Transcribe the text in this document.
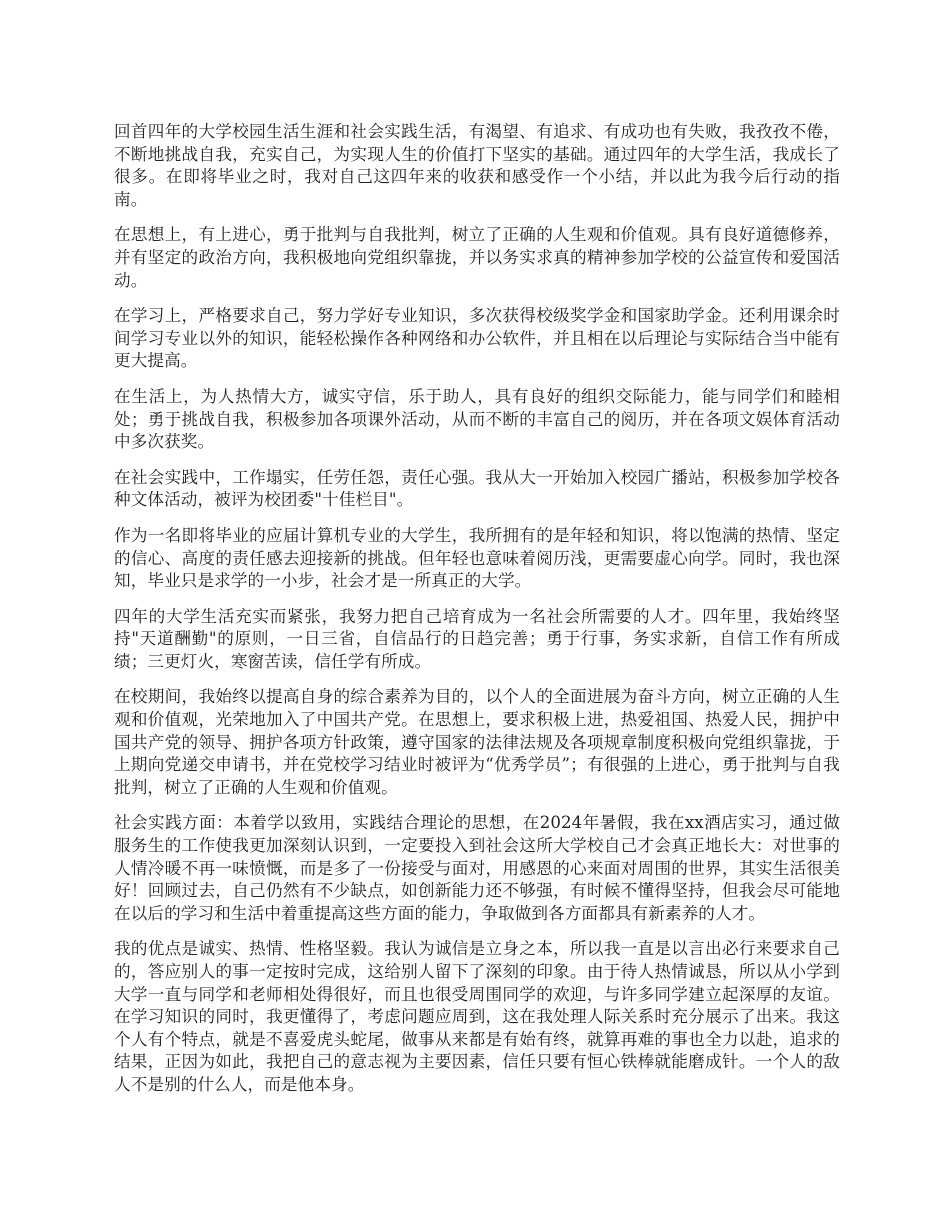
回首四年的大学校园生活生涯和社会实践生活，有渴望、有追求、有成功也有失败，我孜孜不倦，不断地挑战自我，充实自己，为实现人生的价值打下坚实的基础。通过四年的大学生活，我成长了很多。在即将毕业之时，我对自己这四年来的收获和感受作一个小结，并以此为我今后行动的指南。

在思想上，有上进心，勇于批判与自我批判，树立了正确的人生观和价值观。具有良好道德修养，并有坚定的政治方向，我积极地向党组织靠拢，并以务实求真的精神参加学校的公益宣传和爱国活动。

在学习上，严格要求自己，努力学好专业知识，多次获得校级奖学金和国家助学金。还利用课余时间学习专业以外的知识，能轻松操作各种网络和办公软件，并且相在以后理论与实际结合当中能有更大提高。

在生活上，为人热情大方，诚实守信，乐于助人，具有良好的组织交际能力，能与同学们和睦相处；勇于挑战自我，积极参加各项课外活动，从而不断的丰富自己的阅历，并在各项文娱体育活动中多次获奖。

在社会实践中，工作塌实，任劳任怨，责任心强。我从大一开始加入校园广播站，积极参加学校各种文体活动，被评为校团委"十佳栏目"。

作为一名即将毕业的应届计算机专业的大学生，我所拥有的是年轻和知识，将以饱满的热情、坚定的信心、高度的责任感去迎接新的挑战。但年轻也意味着阅历浅，更需要虚心向学。同时，我也深知，毕业只是求学的一小步，社会才是一所真正的大学。

四年的大学生活充实而紧张，我努力把自己培育成为一名社会所需要的人才。四年里，我始终坚持"天道酬勤"的原则，一日三省，自信品行的日趋完善；勇于行事，务实求新，自信工作有所成绩；三更灯火，寒窗苦读，信任学有所成。

在校期间，我始终以提高自身的综合素养为目的，以个人的全面进展为奋斗方向，树立正确的人生观和价值观，光荣地加入了中国共产党。在思想上，要求积极上进，热爱祖国、热爱人民，拥护中国共产党的领导、拥护各项方针政策，遵守国家的法律法规及各项规章制度积极向党组织靠拢，于上期向党递交申请书，并在党校学习结业时被评为“优秀学员”；有很强的上进心，勇于批判与自我批判，树立了正确的人生观和价值观。

社会实践方面：本着学以致用，实践结合理论的思想，在2024年暑假，我在xx酒店实习，通过做服务生的工作使我更加深刻认识到，一定要投入到社会这所大学校自己才会真正地长大：对世事的人情冷暖不再一味愤慨，而是多了一份接受与面对，用感恩的心来面对周围的世界，其实生活很美好！回顾过去，自己仍然有不少缺点，如创新能力还不够强，有时候不懂得坚持，但我会尽可能地在以后的学习和生活中着重提高这些方面的能力，争取做到各方面都具有新素养的人才。

我的优点是诚实、热情、性格坚毅。我认为诚信是立身之本，所以我一直是以言出必行来要求自己的，答应别人的事一定按时完成，这给别人留下了深刻的印象。由于待人热情诚恳，所以从小学到大学一直与同学和老师相处得很好，而且也很受周围同学的欢迎，与许多同学建立起深厚的友谊。在学习知识的同时，我更懂得了，考虑问题应周到，这在我处理人际关系时充分展示了出来。我这个人有个特点，就是不喜爱虎头蛇尾，做事从来都是有始有终，就算再难的事也全力以赴，追求的结果，正因为如此，我把自己的意志视为主要因素，信任只要有恒心铁棒就能磨成针。一个人的敌人不是别的什么人，而是他本身。
